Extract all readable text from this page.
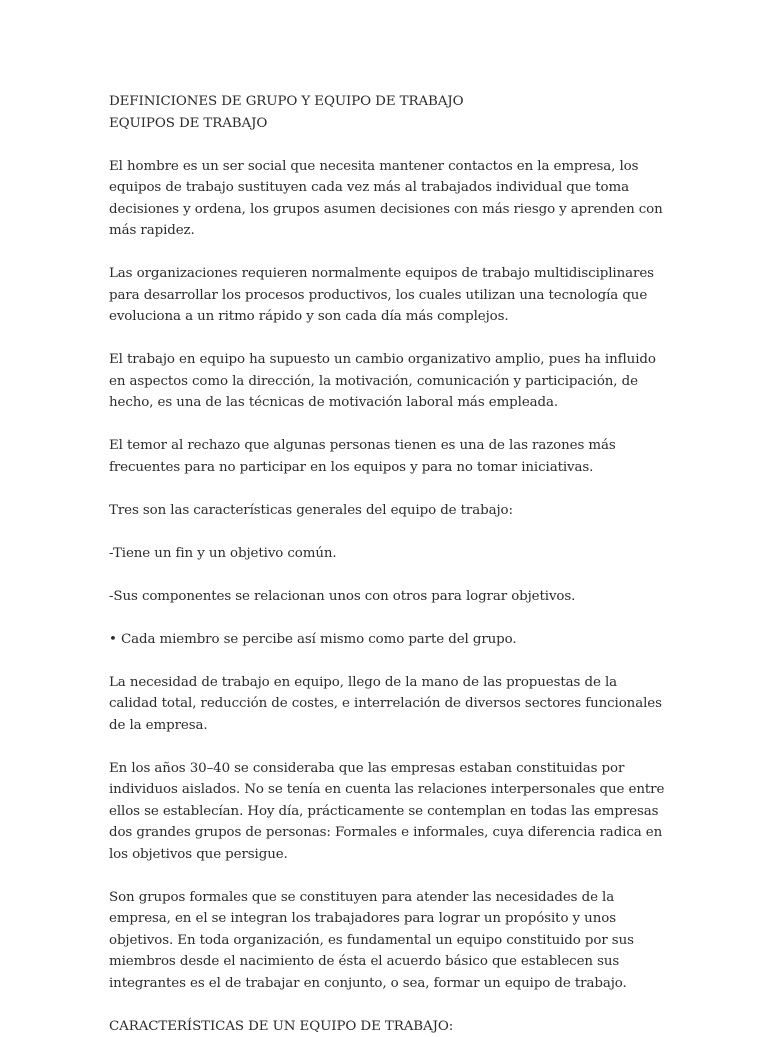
DEFINICIONES DE GRUPO Y EQUIPO DE TRABAJO
EQUIPOS DE TRABAJO

El hombre es un ser social que necesita mantener contactos en la empresa, los equipos de trabajo sustituyen cada vez más al trabajados individual que toma decisiones y ordena, los grupos asumen decisiones con más riesgo y aprenden con más rapidez.

Las organizaciones requieren normalmente equipos de trabajo multidisciplinares para desarrollar los procesos productivos, los cuales utilizan una tecnología que evoluciona a un ritmo rápido y son cada día más complejos.

El trabajo en equipo ha supuesto un cambio organizativo amplio, pues ha influido en aspectos como la dirección, la motivación, comunicación y participación, de hecho, es una de las técnicas de motivación laboral más empleada.

El temor al rechazo que algunas personas tienen es una de las razones más frecuentes para no participar en los equipos y para no tomar iniciativas.

Tres son las características generales del equipo de trabajo:

-Tiene un fin y un objetivo común.

-Sus componentes se relacionan unos con otros para lograr objetivos.

• Cada miembro se percibe así mismo como parte del grupo.

La necesidad de trabajo en equipo, llego de la mano de las propuestas de la calidad total, reducción de costes, e interrelación de diversos sectores funcionales de la empresa.

En los años 30–40 se consideraba que las empresas estaban constituidas por individuos aislados. No se tenía en cuenta las relaciones interpersonales que entre ellos se establecían. Hoy día, prácticamente se contemplan en todas las empresas dos grandes grupos de personas: Formales e informales, cuya diferencia radica en los objetivos que persigue.

Son grupos formales que se constituyen para atender las necesidades de la empresa, en el se integran los trabajadores para lograr un propósito y unos objetivos. En toda organización, es fundamental un equipo constituido por sus miembros desde el nacimiento de ésta el acuerdo básico que establecen sus integrantes es el de trabajar en conjunto, o sea, formar un equipo de trabajo.

CARACTERÍSTICAS DE UN EQUIPO DE TRABAJO:
